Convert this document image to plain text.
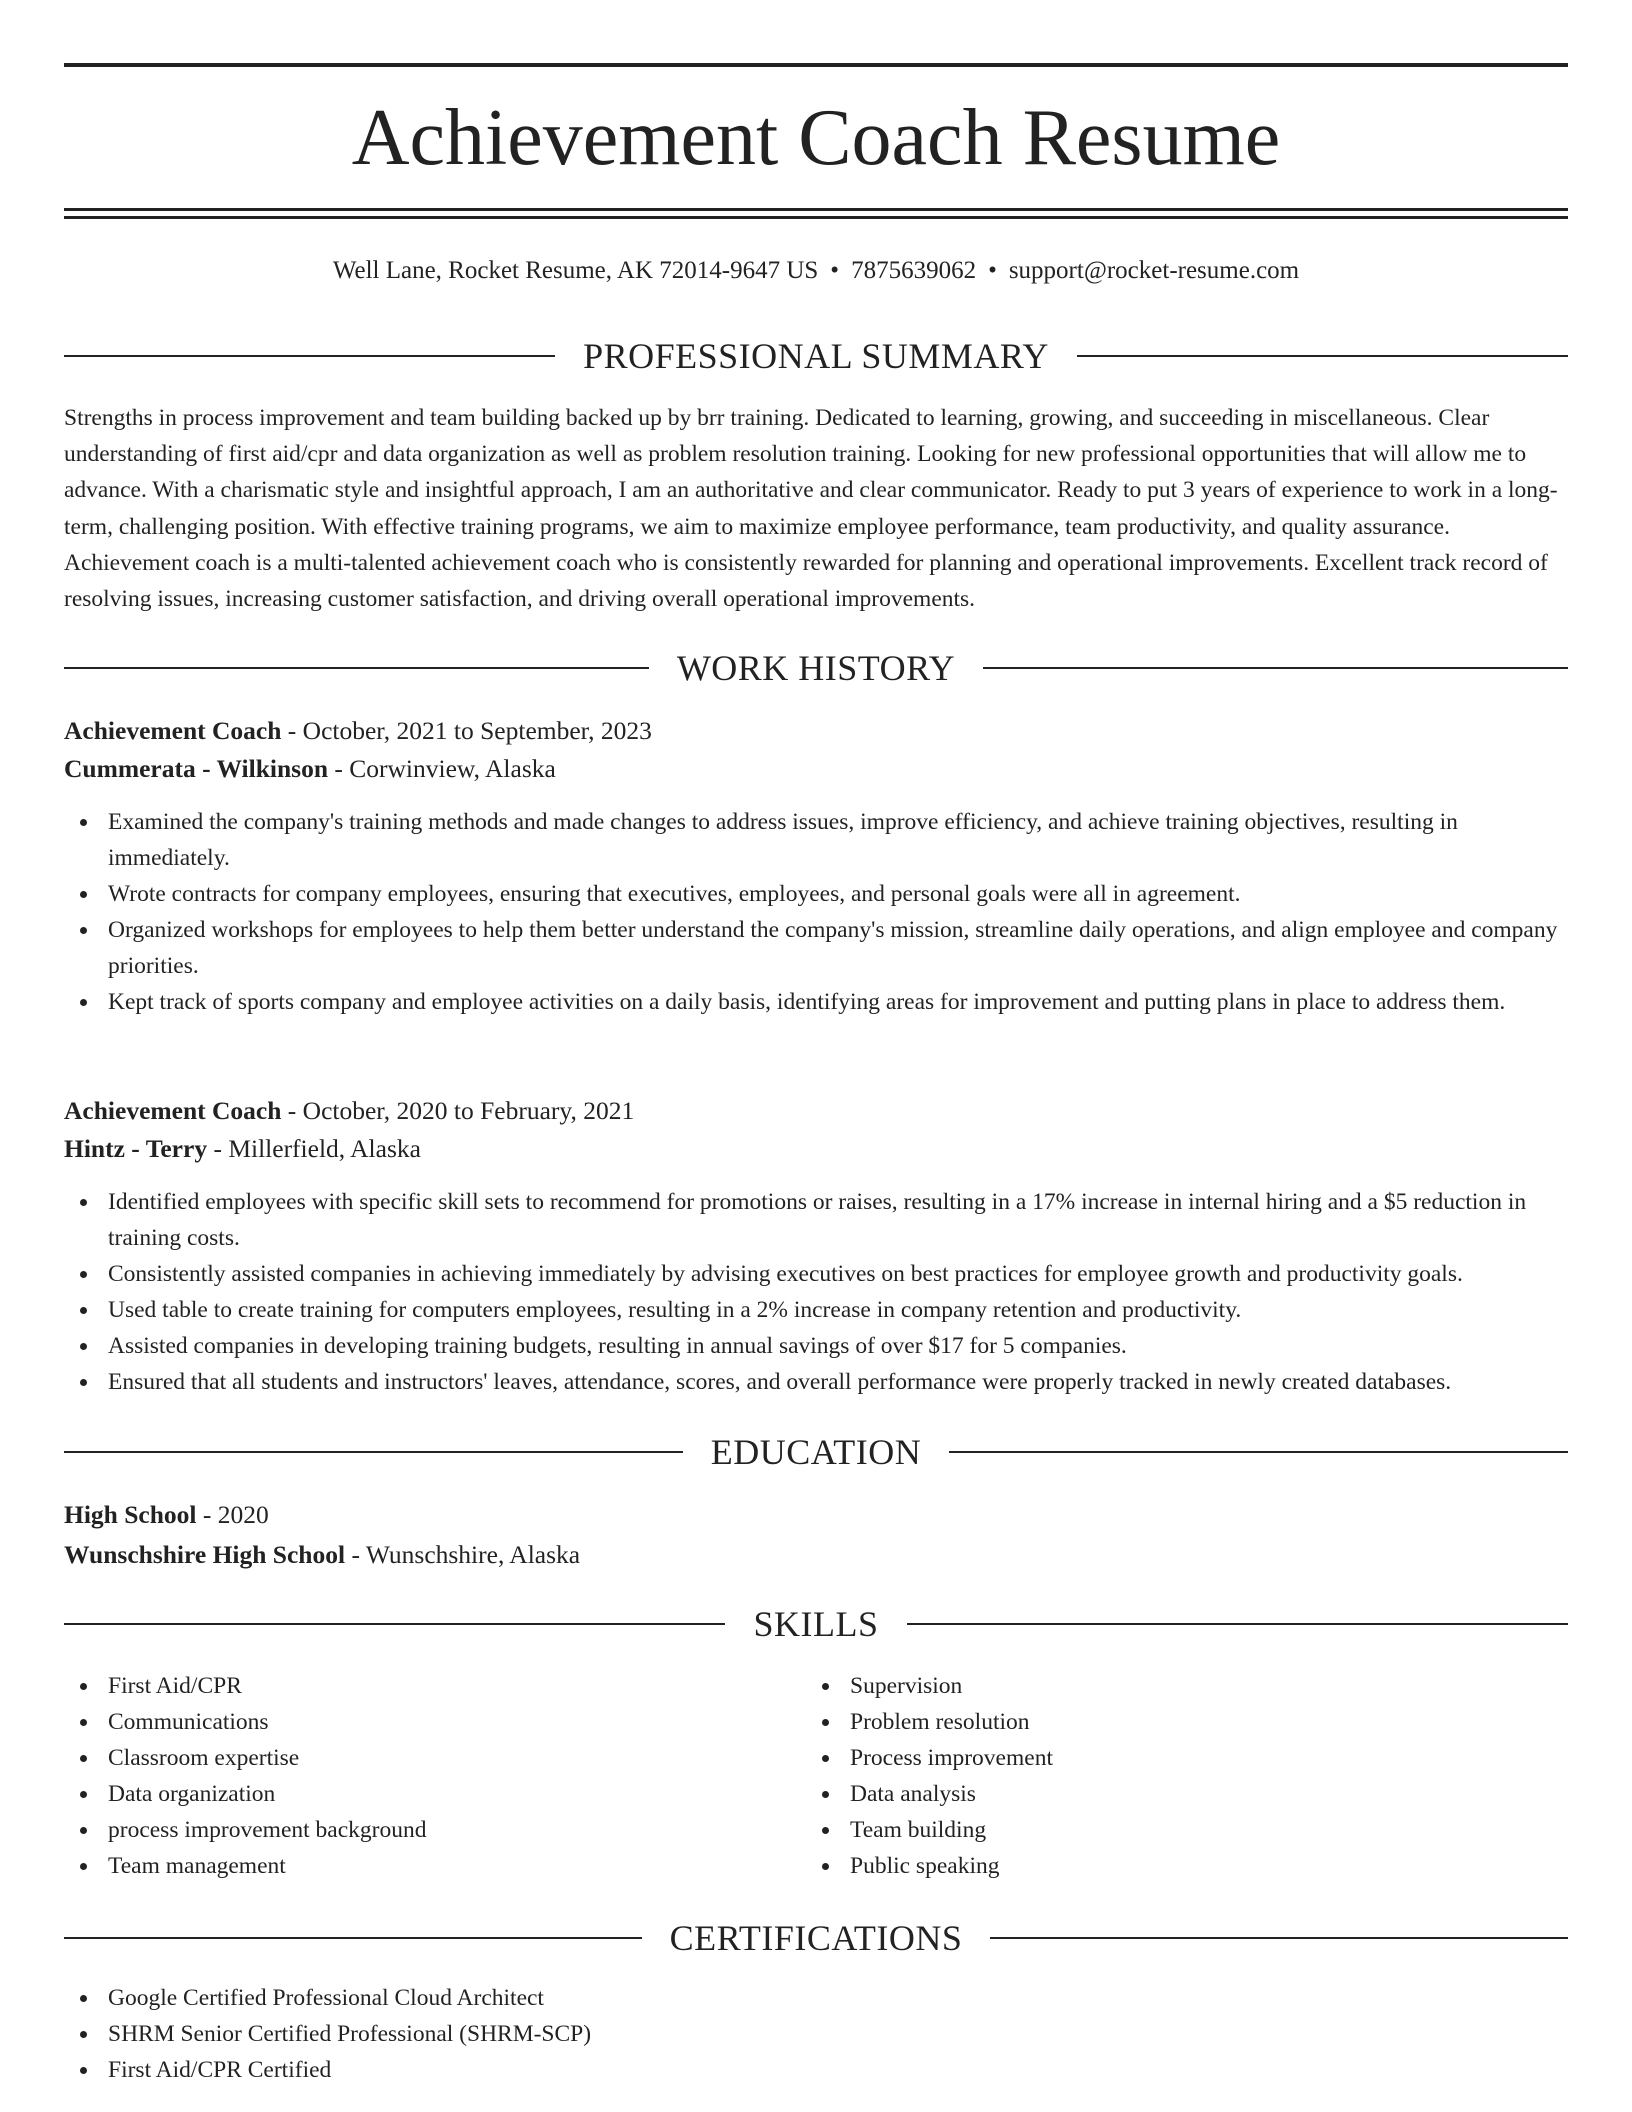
Achievement Coach Resume
Well Lane, Rocket Resume, AK 72014-9647 US • 7875639062 • support@rocket-resume.com
PROFESSIONAL SUMMARY

Strengths in process improvement and team building backed up by brr training. Dedicated to learning, growing, and succeeding in miscellaneous. Clear understanding of first aid/cpr and data organization as well as problem resolution training. Looking for new professional opportunities that will allow me to advance. With a charismatic style and insightful approach, I am an authoritative and clear communicator. Ready to put 3 years of experience to work in a long-term, challenging position. With effective training programs, we aim to maximize employee performance, team productivity, and quality assurance. Achievement coach is a multi-talented achievement coach who is consistently rewarded for planning and operational improvements. Excellent track record of resolving issues, increasing customer satisfaction, and driving overall operational improvements.

WORK HISTORY
Achievement Coach - October, 2021 to September, 2023
Cummerata - Wilkinson - Corwinview, Alaska
Examined the company's training methods and made changes to address issues, improve efficiency, and achieve training objectives, resulting in immediately.
Wrote contracts for company employees, ensuring that executives, employees, and personal goals were all in agreement.
Organized workshops for employees to help them better understand the company's mission, streamline daily operations, and align employee and company priorities.
Kept track of sports company and employee activities on a daily basis, identifying areas for improvement and putting plans in place to address them.
Achievement Coach - October, 2020 to February, 2021
Hintz - Terry - Millerfield, Alaska
Identified employees with specific skill sets to recommend for promotions or raises, resulting in a 17% increase in internal hiring and a $5 reduction in training costs.
Consistently assisted companies in achieving immediately by advising executives on best practices for employee growth and productivity goals.
Used table to create training for computers employees, resulting in a 2% increase in company retention and productivity.
Assisted companies in developing training budgets, resulting in annual savings of over $17 for 5 companies.
Ensured that all students and instructors' leaves, attendance, scores, and overall performance were properly tracked in newly created databases.
EDUCATION
High School - 2020
Wunschshire High School - Wunschshire, Alaska
SKILLS
First Aid/CPR
Communications
Classroom expertise
Data organization
process improvement background
Team management
Supervision
Problem resolution
Process improvement
Data analysis
Team building
Public speaking
CERTIFICATIONS
Google Certified Professional Cloud Architect
SHRM Senior Certified Professional (SHRM-SCP)
First Aid/CPR Certified
